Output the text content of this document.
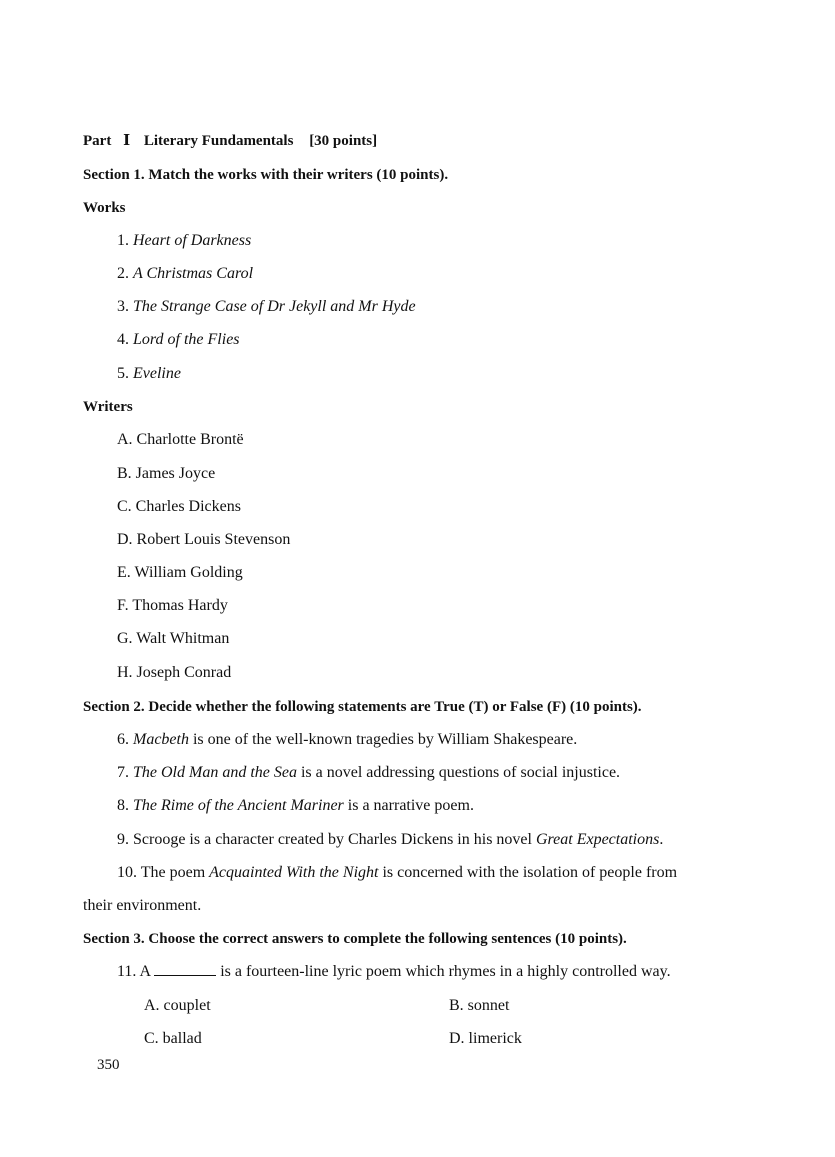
Part Ⅰ Literary Fundamentals [30 points]
Section 1. Match the works with their writers (10 points).
Works
1. Heart of Darkness
2. A Christmas Carol
3. The Strange Case of Dr Jekyll and Mr Hyde
4. Lord of the Flies
5. Eveline
Writers
A. Charlotte Brontë
B. James Joyce
C. Charles Dickens
D. Robert Louis Stevenson
E. William Golding
F. Thomas Hardy
G. Walt Whitman
H. Joseph Conrad
Section 2. Decide whether the following statements are True (T) or False (F) (10 points).
6. Macbeth is one of the well-known tragedies by William Shakespeare.
7. The Old Man and the Sea is a novel addressing questions of social injustice.
8. The Rime of the Ancient Mariner is a narrative poem.
9. Scrooge is a character created by Charles Dickens in his novel Great Expectations.
10. The poem Acquainted With the Night is concerned with the isolation of people from
their environment.
Section 3. Choose the correct answers to complete the following sentences (10 points).
11. A	is a fourteen-line lyric poem which rhymes in a highly controlled way.
A. couplet	B. sonnet
C. ballad	D. limerick
350
